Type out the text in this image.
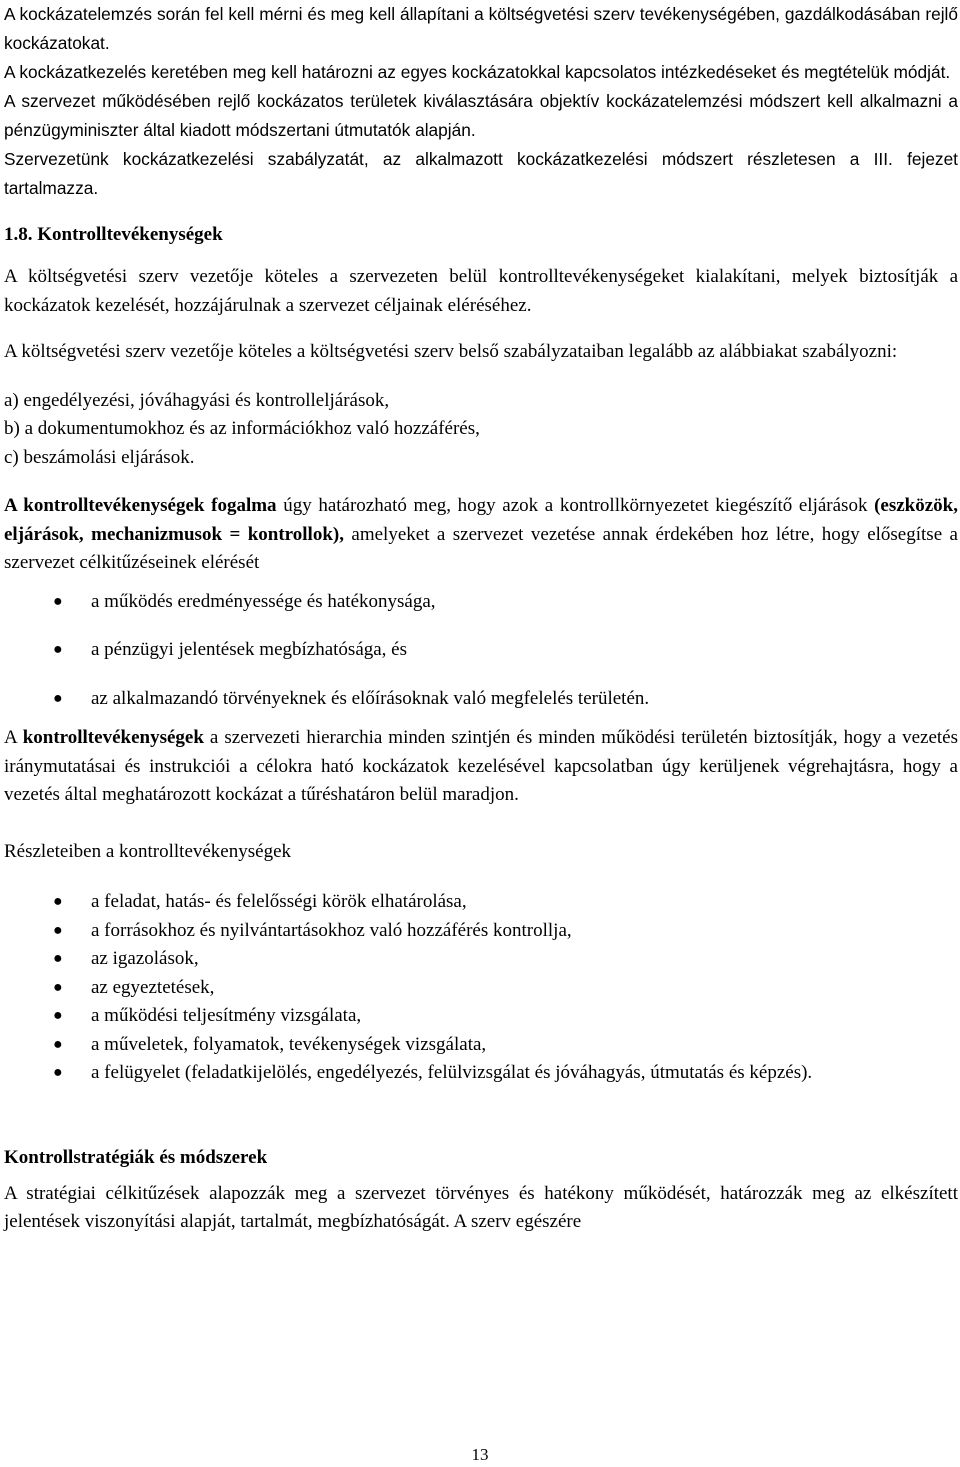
A kockázatelemzés során fel kell mérni és meg kell állapítani a költségvetési szerv tevékenységében, gazdálkodásában rejlő kockázatokat.

A kockázatkezelés keretében meg kell határozni az egyes kockázatokkal kapcsolatos intézkedéseket és megtételük módját.

A szervezet működésében rejlő kockázatos területek kiválasztására objektív kockázatelemzési módszert kell alkalmazni a pénzügyminiszter által kiadott módszertani útmutatók alapján.

Szervezetünk kockázatkezelési szabályzatát, az alkalmazott kockázatkezelési módszert részletesen a III. fejezet tartalmazza.

1.8. Kontrolltevékenységek

A költségvetési szerv vezetője köteles a szervezeten belül kontrolltevékenységeket kialakítani, melyek biztosítják a kockázatok kezelését, hozzájárulnak a szervezet céljainak eléréséhez.

A költségvetési szerv vezetője köteles a költségvetési szerv belső szabályzataiban legalább az alábbiakat szabályozni:

a) engedélyezési, jóváhagyási és kontrolleljárások,

b) a dokumentumokhoz és az információkhoz való hozzáférés,

c) beszámolási eljárások.

A kontrolltevékenységek fogalma úgy határozható meg, hogy azok a kontrollkörnyezetet kiegészítő eljárások (eszközök, eljárások, mechanizmusok = kontrollok), amelyeket a szervezet vezetése annak érdekében hoz létre, hogy elősegítse a szervezet célkitűzéseinek elérését

● a működés eredményessége és hatékonysága,
● a pénzügyi jelentések megbízhatósága, és
● az alkalmazandó törvényeknek és előírásoknak való megfelelés területén.

A kontrolltevékenységek a szervezeti hierarchia minden szintjén és minden működési területén biztosítják, hogy a vezetés iránymutatásai és instrukciói a célokra ható kockázatok kezelésével kapcsolatban úgy kerüljenek végrehajtásra, hogy a vezetés által meghatározott kockázat a tűréshatáron belül maradjon.

Részleteiben a kontrolltevékenységek

● a feladat, hatás- és felelősségi körök elhatárolása,
● a forrásokhoz és nyilvántartásokhoz való hozzáférés kontrollja,
● az igazolások,
● az egyeztetések,
● a működési teljesítmény vizsgálata,
● a műveletek, folyamatok, tevékenységek vizsgálata,
● a felügyelet (feladatkijelölés, engedélyezés, felülvizsgálat és jóváhagyás, útmutatás és képzés).

Kontrollstratégiák és módszerek

A stratégiai célkitűzések alapozzák meg a szervezet törvényes és hatékony működését, határozzák meg az elkészített jelentések viszonyítási alapját, tartalmát, megbízhatóságát. A szerv egészére

13
